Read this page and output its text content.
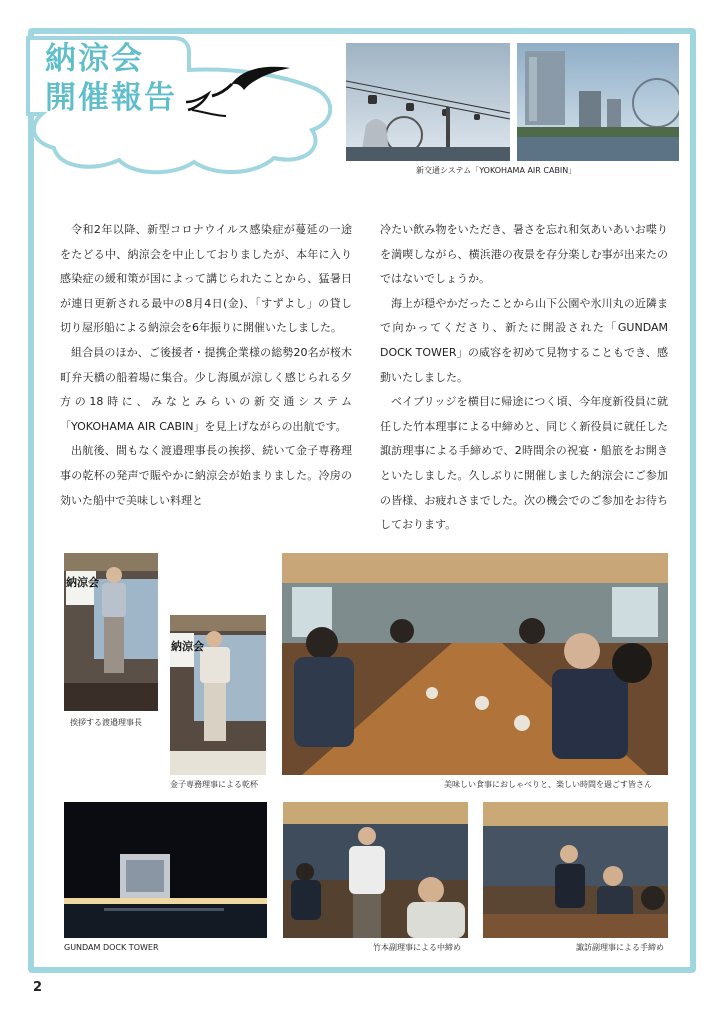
納涼会
開催報告
新交通システム「YOKOHAMA AIR CABIN」

令和2年以降、新型コロナウイルス感染症が蔓延の一途をたどる中、納涼会を中止しておりましたが、本年に入り感染症の緩和策が国によって講じられたことから、猛暑日が連日更新される最中の8月4日(金)、「すずよし」の貸し切り屋形船による納涼会を6年振りに開催いたしました。

組合員のほか、ご後援者・提携企業様の総勢20名が桜木町弁天橋の船着場に集合。少し海風が涼しく感じられる夕方の18時に、みなとみらいの新交通システム「YOKOHAMA AIR CABIN」を見上げながらの出航です。

出航後、間もなく渡邉理事長の挨拶、続いて金子専務理事の乾杯の発声で賑やかに納涼会が始まりました。冷房の効いた船中で美味しい料理と

冷たい飲み物をいただき、暑さを忘れ和気あいあいお喋りを満喫しながら、横浜港の夜景を存分楽しむ事が出来たのではないでしょうか。

海上が穏やかだったことから山下公園や氷川丸の近隣まで向かってくださり、新たに開設された「GUNDAM DOCK TOWER」の威容を初めて見物することもでき、感動いたしました。

ベイブリッジを横目に帰途につく頃、今年度新役員に就任した竹本理事による中締めと、同じく新役員に就任した諏訪理事による手締めで、2時間余の祝宴・船旅をお開きといたしました。久しぶりに開催しました納涼会にご参加の皆様、お疲れさまでした。次の機会でのご参加をお待ちしております。

納涼会
納涼会
挨拶する渡邉理事長
金子専務理事による乾杯	美味しい食事におしゃべりと、楽しい時間を過ごす皆さん
GUNDAM DOCK TOWER	竹本副理事による中締め	諏訪副理事による手締め
2
